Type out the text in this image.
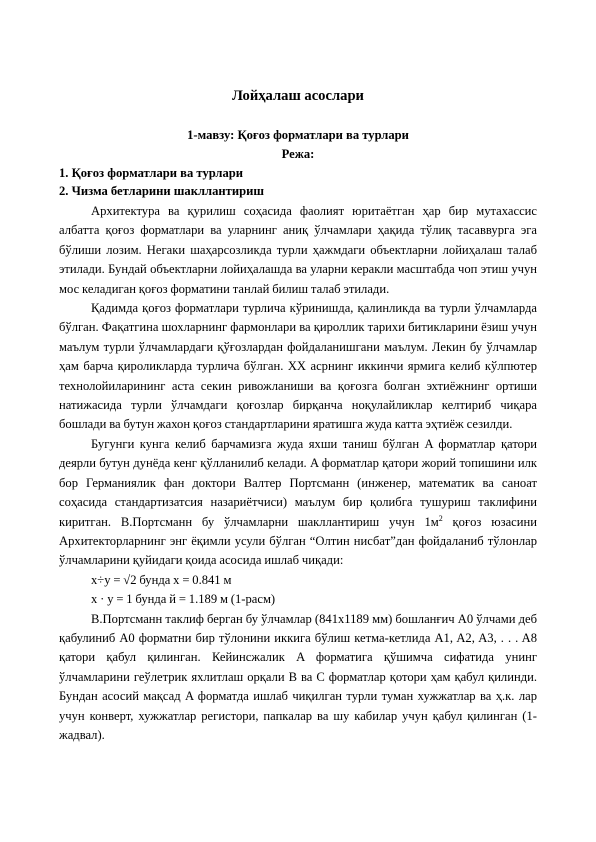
Лойҳалаш асослари
1-мавзу: Қоғоз форматлари ва турлари
Режа:
1. Қоғоз форматлари ва турлари
2. Чизма бетларини шакллантириш

Архитектура ва қурилиш соҳасида фаолият юритаётган ҳар бир мутахассис албатта қоғоз форматлари ва уларнинг аниқ ўлчамлари ҳақида тўлиқ тасаввурга эга бўлиши лозим. Негаки шаҳарсозликда турли ҳажмдаги объектларни лойиҳалаш талаб этилади. Бундай объектларни лойиҳалашда ва уларни керакли масштабда чоп этиш учун мос келадиган қоғоз форматини танлай билиш талаб этилади.

Қадимда қоғоз форматлари турлича кўринишда, қалинликда ва турли ўлчамларда бўлган. Фақатгина шохларнинг фармонлари ва қироллик тарихи битикларини ёзиш учун маълум турли ўлчамлардаги қўғозлардан фойдаланишгани маълум. Лекин бу ўлчамлар ҳам барча қироликларда турлича бўлган. XX асрнинг иккинчи ярмига келиб кўлпютер технолойиларининг аста секин ривожланиши ва қоғозга болган эхтиёжнинг ортиши натижасида турли ўлчамдаги қоғозлар бирқанча ноқулайликлар келтириб чиқара бошлади ва бутун жахон қоғоз стандартларини яратишга жуда катта эҳтиёж сезилди.

Бугунги кунга келиб барчамизга жуда яхши таниш бўлган A форматлар қатори деярли бутун дунёда кенг қўлланилиб келади. A форматлар қатори жорий топишини илк бор Германиялик фан доктори Валтер Портсманн (инженер, математик ва саноат соҳасида стандартизатсия назариётчиси) маълум бир қолибга тушуриш таклифини киритган. В.Портсманн бу ўлчамларни шакллантириш учун $1м^2$ қоғоз юзасини Архитекторларнинг энг ёқимли усули бўлган “Олтин нисбат”дан фойдаланиб тўлонлар ўлчамларини қуйидаги қоида асосида ишлаб чиқади:

x÷y = √2 бунда x = 0.841 м

x · y = 1 бунда й = 1.189 м (1-расм)

В.Портсманн таклиф берган бу ўлчамлар (841x1189 мм) бошланғич A0 ўлчами деб қабулиниб A0 форматни бир тўлонини иккига бўлиш кетма-кетлида A1, A2, A3, . . . A8 қатори қабул қилинган. Кейинсжалик A форматига қўшимча сифатида унинг ўлчамларини геўлетрик яхлитлаш орқали B ва C форматлар қотори ҳам қабул қилинди. Бундан асосий мақсад A форматда ишлаб чиқилган турли туман хужжатлар ва ҳ.к. лар учун конверт, хужжатлар регистори, папкалар ва шу кабилар учун қабул қилинган (1-жадвал).
